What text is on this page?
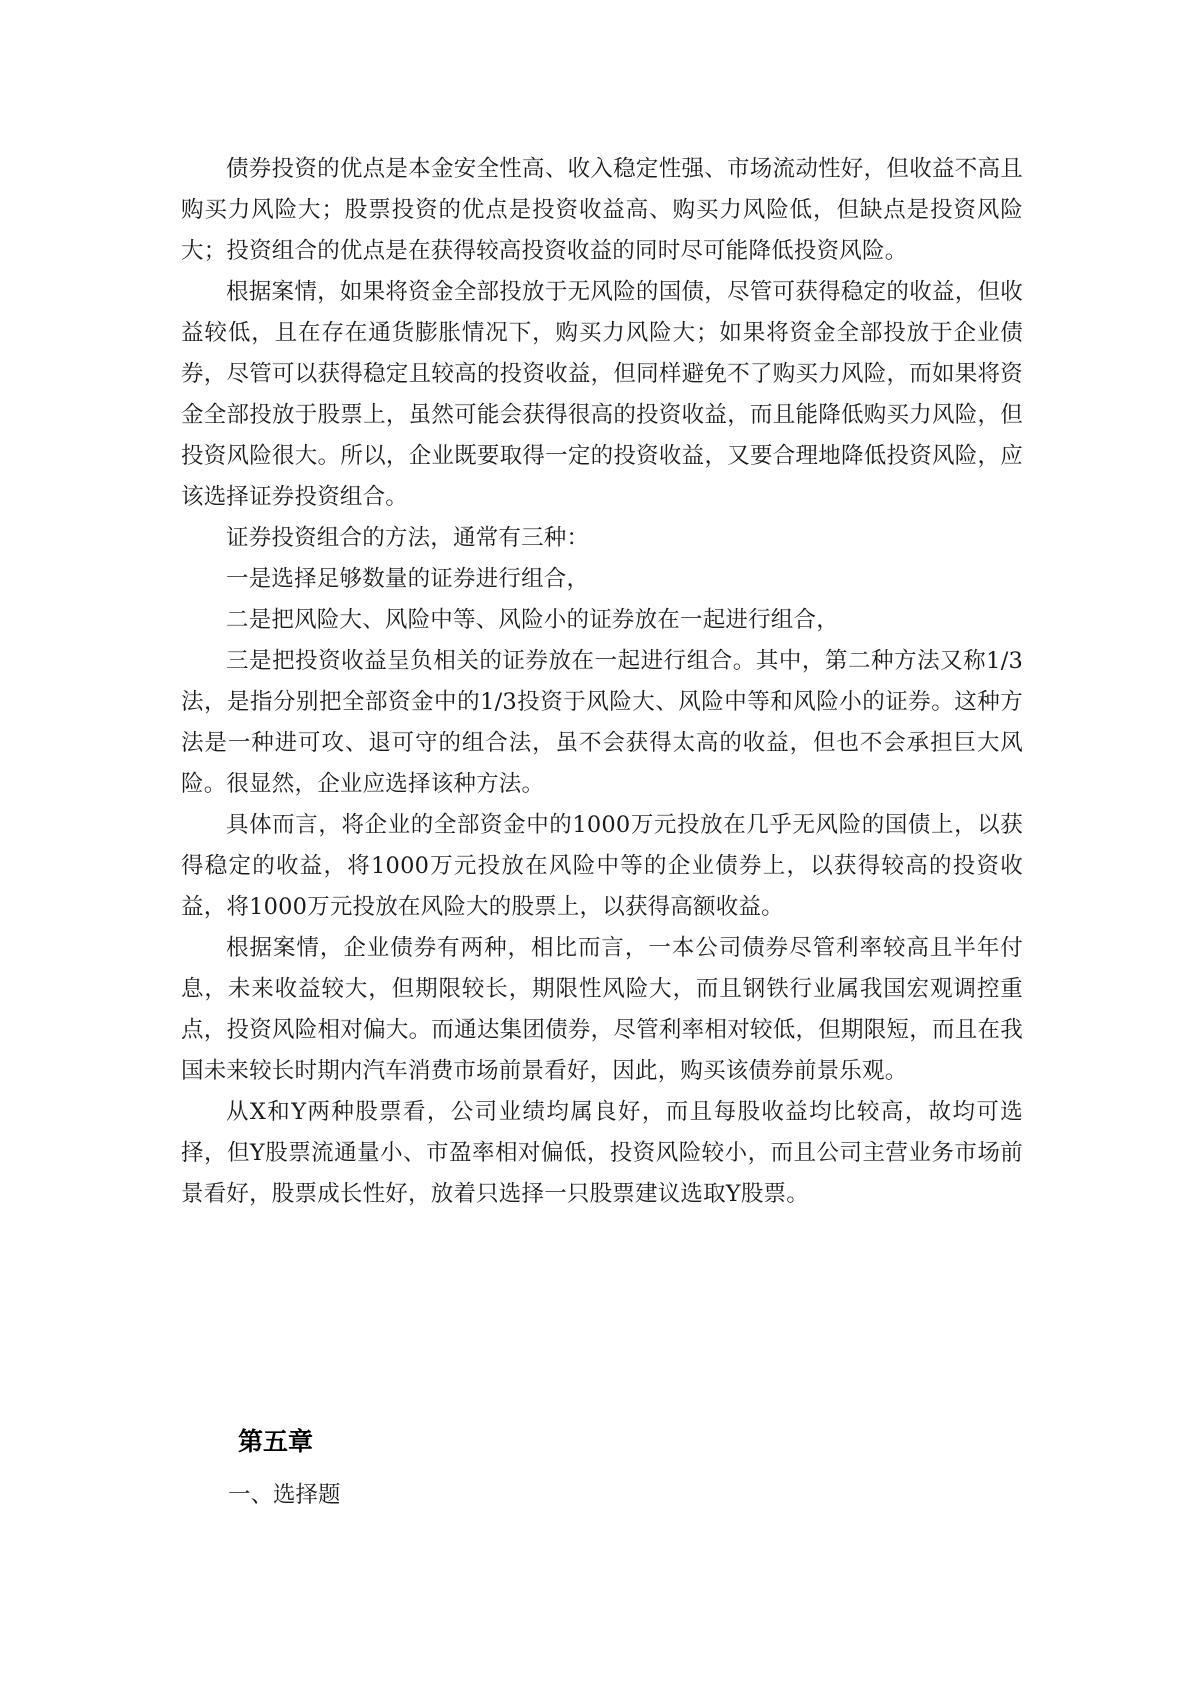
债券投资的优点是本金安全性高、收入稳定性强、市场流动性好，但收益不高且购买力风险大；股票投资的优点是投资收益高、购买力风险低，但缺点是投资风险大；投资组合的优点是在获得较高投资收益的同时尽可能降低投资风险。

根据案情，如果将资金全部投放于无风险的国债，尽管可获得稳定的收益，但收益较低，且在存在通货膨胀情况下，购买力风险大；如果将资金全部投放于企业债券，尽管可以获得稳定且较高的投资收益，但同样避免不了购买力风险，而如果将资金全部投放于股票上，虽然可能会获得很高的投资收益，而且能降低购买力风险，但投资风险很大。所以，企业既要取得一定的投资收益，又要合理地降低投资风险，应该选择证券投资组合。

证券投资组合的方法，通常有三种：

一是选择足够数量的证券进行组合，

二是把风险大、风险中等、风险小的证券放在一起进行组合，

三是把投资收益呈负相关的证券放在一起进行组合。其中，第二种方法又称1/3法，是指分别把全部资金中的1/3投资于风险大、风险中等和风险小的证券。这种方法是一种进可攻、退可守的组合法，虽不会获得太高的收益，但也不会承担巨大风险。很显然，企业应选择该种方法。

具体而言，将企业的全部资金中的1000万元投放在几乎无风险的国债上，以获得稳定的收益，将1000万元投放在风险中等的企业债券上，以获得较高的投资收益，将1000万元投放在风险大的股票上，以获得高额收益。

根据案情，企业债券有两种，相比而言，一本公司债券尽管利率较高且半年付息，未来收益较大，但期限较长，期限性风险大，而且钢铁行业属我国宏观调控重点，投资风险相对偏大。而通达集团债券，尽管利率相对较低，但期限短，而且在我国未来较长时期内汽车消费市场前景看好，因此，购买该债券前景乐观。

从X和Y两种股票看，公司业绩均属良好，而且每股收益均比较高，故均可选择，但Y股票流通量小、市盈率相对偏低，投资风险较小，而且公司主营业务市场前景看好，股票成长性好，放着只选择一只股票建议选取Y股票。

第五章

一、选择题
